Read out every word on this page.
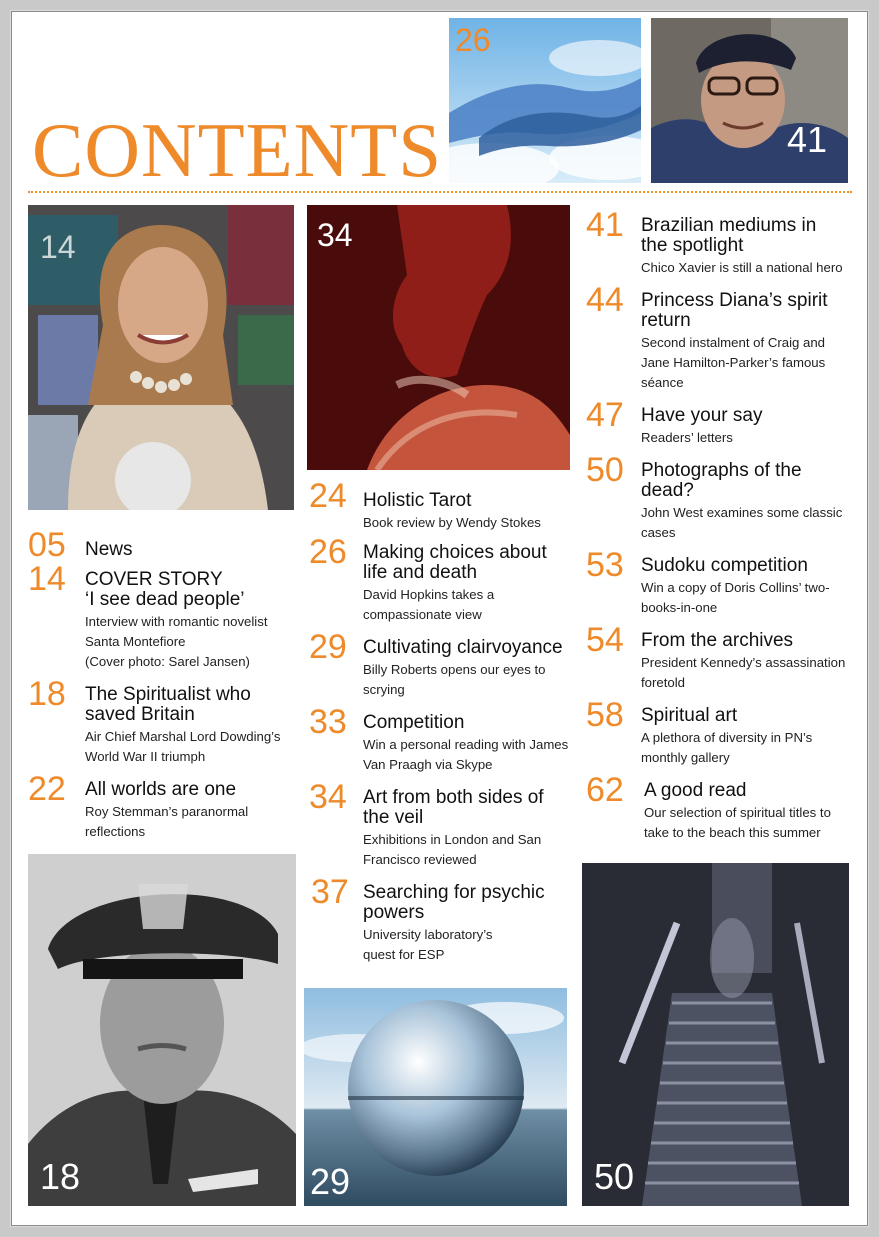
CONTENTS
26
41
14	34
18	29	50
05 News
14 COVER STORY
‘I see dead people’
Interview with romantic novelist
Santa Montefiore
(Cover photo: Sarel Jansen)
18 The Spiritualist who
saved Britain
Air Chief Marshal Lord Dowding’s
World War II triumph
22 All worlds are one
Roy Stemman’s paranormal
reflections
24 Holistic Tarot
Book review by Wendy Stokes
26 Making choices about
life and death
David Hopkins takes a
compassionate view
29 Cultivating clairvoyance
Billy Roberts opens our eyes to
scrying
33 Competition
Win a personal reading with James
Van Praagh via Skype
34 Art from both sides of
the veil
Exhibitions in London and San
Francisco reviewed
37 Searching for psychic
powers
University laboratory’s
quest for ESP
41 Brazilian mediums in
the spotlight
Chico Xavier is still a national hero
44 Princess Diana’s spirit
return
Second instalment of Craig and
Jane Hamilton-Parker’s famous
séance
47 Have your say
Readers’ letters
50 Photographs of the
dead?
John West examines some classic
cases
53 Sudoku competition
Win a copy of Doris Collins’ two-
books-in-one
54 From the archives
President Kennedy’s assassination
foretold
58 Spiritual art
A plethora of diversity in PN’s
monthly gallery
62 A good read
Our selection of spiritual titles to
take to the beach this summer
